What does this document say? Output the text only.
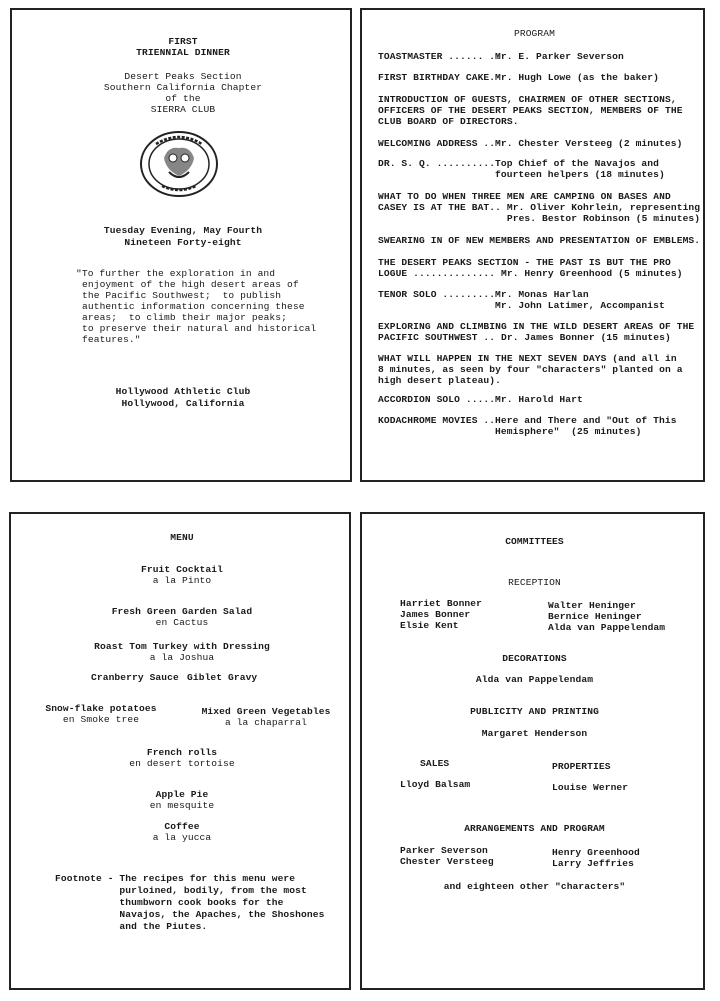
FIRST
TRIENNIAL DINNER
Desert Peaks Section
Southern California Chapter
of the
SIERRA CLUB
Tuesday Evening, May Fourth
Nineteen Forty-eight
"To further the exploration in and
enjoyment of the high desert areas of
the Pacific Southwest;  to publish
authentic information concerning these
areas;  to climb their major peaks;
to preserve their natural and historical
features."
Hollywood Athletic Club
Hollywood, California
PROGRAM
TOASTMASTER ...... ..
Mr. E. Parker Severson
FIRST BIRTHDAY CAKE. Mr. Hugh Lowe (as the baker)
INTRODUCTION OF GUESTS, CHAIRMEN OF OTHER SECTIONS,
OFFICERS OF THE DESERT PEAKS SECTION, MEMBERS OF THE
CLUB BOARD OF DIRECTORS.
WELCOMING ADDRESS .. Mr. Chester Versteeg (2 minutes)
DR. S. Q. .......... Top Chief of the Navajos and
fourteen helpers (18 minutes)
WHAT TO DO WHEN THREE MEN ARE CAMPING ON BASES AND
CASEY IS AT THE BAT.. Mr. Oliver Kohrlein, representing
Pres. Bestor Robinson (5 minutes)
SWEARING IN OF NEW MEMBERS AND PRESENTATION OF EMBLEMS.
THE DESERT PEAKS SECTION - THE PAST IS BUT THE PRO
LOGUE .............. Mr. Henry Greenhood (5 minutes)
TENOR SOLO ......... Mr. Monas Harlan
Mr. John Latimer, Accompanist
EXPLORING AND CLIMBING IN THE WILD DESERT AREAS OF THE
PACIFIC SOUTHWEST .. Dr. James Bonner (15 minutes)
WHAT WILL HAPPEN IN THE NEXT SEVEN DAYS (and all in
8 minutes, as seen by four "characters" planted on a
high desert plateau).
ACCORDION SOLO ..... Mr. Harold Hart
KODACHROME MOVIES .. Here and There and "Out of This
Hemisphere"  (25 minutes)
MENU
Fruit Cocktail
a la Pinto
Fresh Green Garden Salad
en Cactus
Roast Tom Turkey with Dressing
a la Joshua
Cranberry Sauce Giblet Gravy
Snow-flake potatoes
en Smoke tree
Mixed Green Vegetables
a la chaparral
French rolls
en desert tortoise
Apple Pie
en mesquite
Coffee
a la yucca
Footnote - The recipes for this menu were
purloined, bodily, from the most
thumbworn cook books for the
Navajos, the Apaches, the Shoshones
and the Piutes.
COMMITTEES
RECEPTION
Harriet Bonner
James Bonner
Elsie Kent
Walter Heninger
Bernice Heninger
Alda van Pappelendam
DECORATIONS
Alda van Pappelendam
PUBLICITY AND PRINTING
Margaret Henderson
SALES
Lloyd Balsam
PROPERTIES
Louise Werner
ARRANGEMENTS AND PROGRAM
Parker Severson
Chester Versteeg
Henry Greenhood
Larry Jeffries
and eighteen other "characters"
